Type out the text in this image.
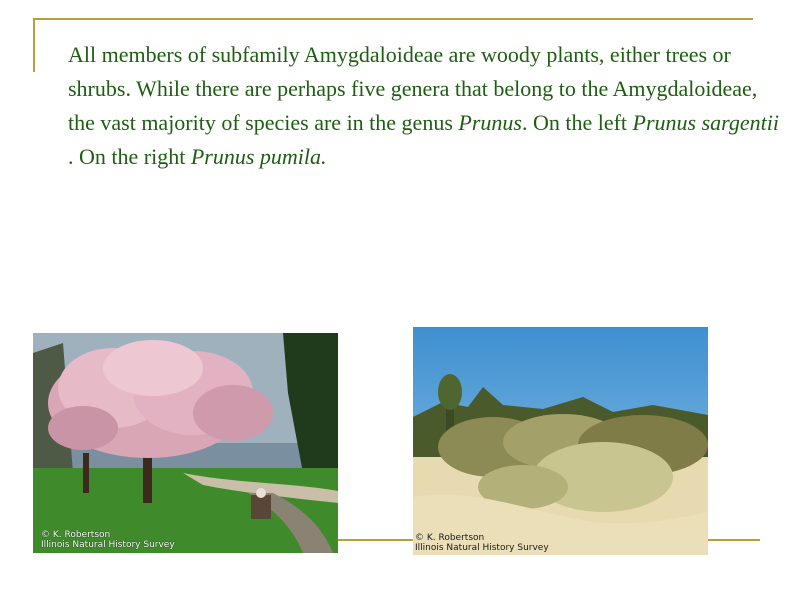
All members of subfamily Amygdaloideae are woody plants, either trees or shrubs. While there are perhaps five genera that belong to the Amygdaloideae, the vast majority of species are in the genus Prunus. On the left Prunus sargentii . On the right Prunus pumila.

© K. Robertson
Illinois Natural History Survey
© K. Robertson
Illinois Natural History Survey
